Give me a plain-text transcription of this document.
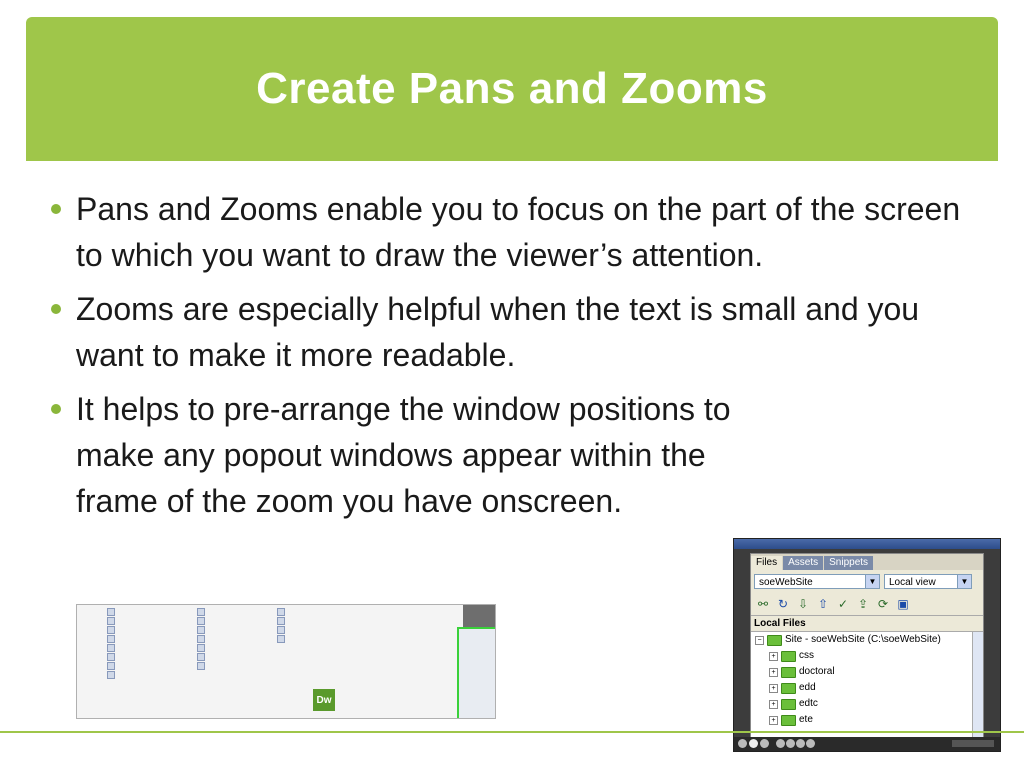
Create Pans and Zooms
Pans and Zooms enable you to focus on the part of the screen to which you want to draw the viewer’s attention.
Zooms are especially helpful when the text is small and you want to make it more readable.
It helps to pre-arrange the window positions to make any popout windows appear within the frame of the zoom you have onscreen.
Dw
Files	Assets	Snippets
soeWebSite	▼	Local view	▼
⚯ ↻ ⇩ ⇧ ✓ ⇪ ⟳ ▣
Local Files
− Site - soeWebSite (C:\soeWebSite)
+ css
+ doctoral
+ edd
+ edtc
+ ete
